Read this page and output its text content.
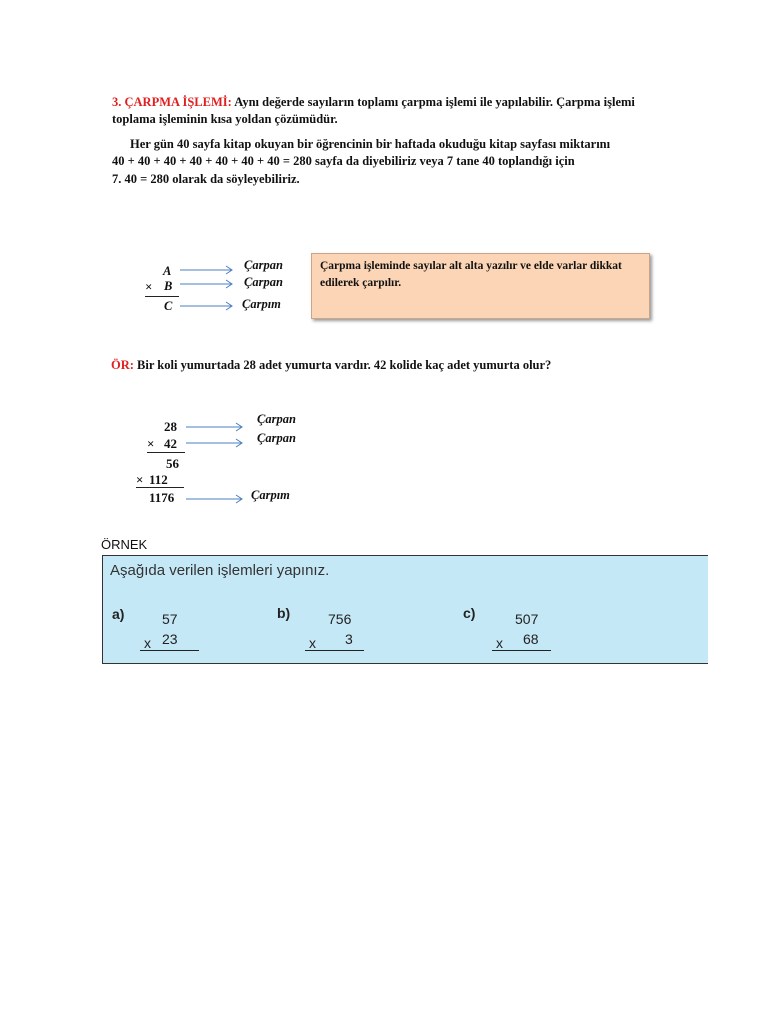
3. ÇARPMA İŞLEMİ: Aynı değerde sayıların toplamı çarpma işlemi ile yapılabilir. Çarpma işlemi
toplama işleminin kısa yoldan çözümüdür.
Her gün 40 sayfa kitap okuyan bir öğrencinin bir haftada okuduğu kitap sayfası miktarını
40 + 40 + 40 + 40 + 40 + 40 + 40 = 280 sayfa da diyebiliriz veya 7 tane 40 toplandığı için
7. 40 = 280 olarak da söyleyebiliriz.
A
× B
C
Çarpan
Çarpan
Çarpım
Çarpma işleminde sayılar alt alta yazılır ve elde varlar dikkat edilerek çarpılır.
ÖR: Bir koli yumurtada 28 adet yumurta vardır. 42 kolide kaç adet yumurta olur?
28
× 42
56
× 112
1176
Çarpan
Çarpan
Çarpım
ÖRNEK
Aşağıda verilen işlemleri yapınız.
a)	57
x 23
b)	756
x 3
c)	507
x 68
